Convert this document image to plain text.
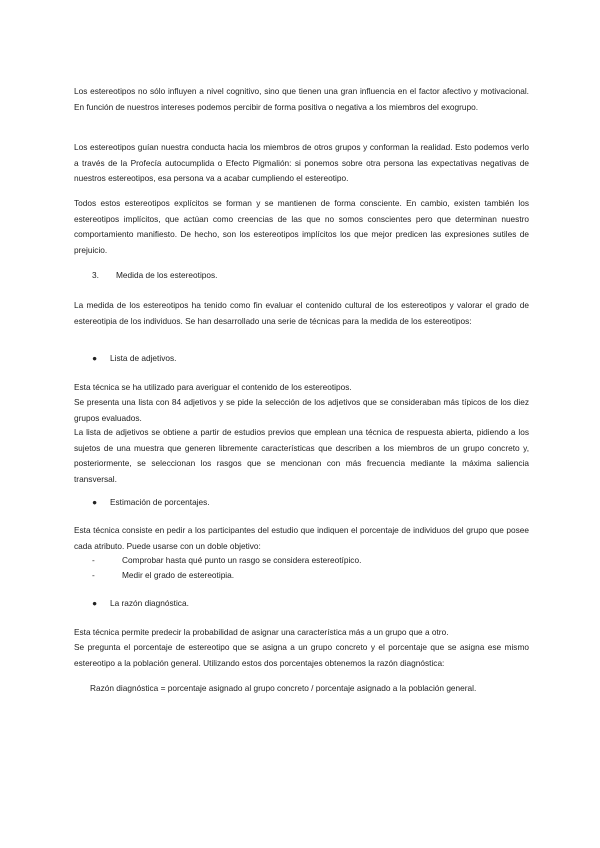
Los estereotipos no sólo influyen a nivel cognitivo, sino que tienen una gran influencia en el factor afectivo y motivacional. En función de nuestros intereses podemos percibir de forma positiva o negativa a los miembros del exogrupo.

Los estereotipos guían nuestra conducta hacia los miembros de otros grupos y conforman la realidad. Esto podemos verlo a través de la Profecía autocumplida o Efecto Pigmalión: si ponemos sobre otra persona las expectativas negativas de nuestros estereotipos, esa persona va a acabar cumpliendo el estereotipo.

Todos estos estereotipos explícitos se forman y se mantienen de forma consciente. En cambio, existen también los estereotipos implícitos, que actúan como creencias de las que no somos conscientes pero que determinan nuestro comportamiento manifiesto. De hecho, son los estereotipos implícitos los que mejor predicen las expresiones sutiles de prejuicio.

3. Medida de los estereotipos.

La medida de los estereotipos ha tenido como fin evaluar el contenido cultural de los estereotipos y valorar el grado de estereotipia de los individuos. Se han desarrollado una serie de técnicas para la medida de los estereotipos:

● Lista de adjetivos.

Esta técnica se ha utilizado para averiguar el contenido de los estereotipos.

Se presenta una lista con 84 adjetivos y se pide la selección de los adjetivos que se consideraban más típicos de los diez grupos evaluados.

La lista de adjetivos se obtiene a partir de estudios previos que emplean una técnica de respuesta abierta, pidiendo a los sujetos de una muestra que generen libremente características que describen a los miembros de un grupo concreto y, posteriormente, se seleccionan los rasgos que se mencionan con más frecuencia mediante la máxima saliencia transversal.

● Estimación de porcentajes.

Esta técnica consiste en pedir a los participantes del estudio que indiquen el porcentaje de individuos del grupo que posee cada atributo. Puede usarse con un doble objetivo:

-	Comprobar hasta qué punto un rasgo se considera estereotípico.
-	Medir el grado de estereotipia.
● La razón diagnóstica.

Esta técnica permite predecir la probabilidad de asignar una característica más a un grupo que a otro.

Se pregunta el porcentaje de estereotipo que se asigna a un grupo concreto y el porcentaje que se asigna ese mismo estereotipo a la población general. Utilizando estos dos porcentajes obtenemos la razón diagnóstica:

Razón diagnóstica = porcentaje asignado al grupo concreto / porcentaje asignado a la población general.
